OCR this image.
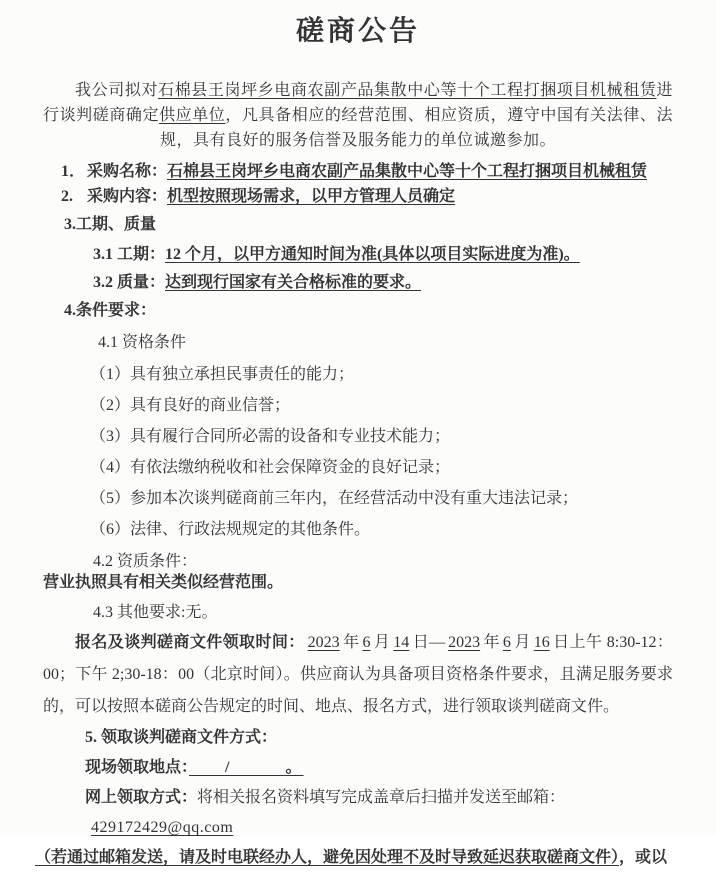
磋商公告
我公司拟对石棉县王岗坪乡电商农副产品集散中心等十个工程打捆项目机械租赁进行谈判磋商确定供应单位，凡具备相应的经营范围、相应资质，遵守中国有关法律、法规，具有良好的服务信誉及服务能力的单位诚邀参加。
1． 采购名称：石棉县王岗坪乡电商农副产品集散中心等十个工程打捆项目机械租赁
2. 采购内容：机型按照现场需求，以甲方管理人员确定
3.工期、质量
3.1 工期：12 个月，以甲方通知时间为准(具体以项目实际进度为准)。
3.2 质量：达到现行国家有关合格标准的要求。
4.条件要求：
4.1 资格条件
（1）具有独立承担民事责任的能力；
（2）具有良好的商业信誉；
（3）具有履行合同所必需的设备和专业技术能力；
（4）有依法缴纳税收和社会保障资金的良好记录；
（5）参加本次谈判磋商前三年内，在经营活动中没有重大违法记录；
（6）法律、行政法规规定的其他条件。
4.2 资质条件：
营业执照具有相关类似经营范围。
4.3 其他要求:无。
报名及谈判磋商文件领取时间： 2023 年 6 月 14 日— 2023 年 6 月 16 日上午 8:30-12：00；下午 2;30-18：00（北京时间）。供应商认为具备项目资格条件要求，且满足服务要求的，可以按照本磋商公告规定的时间、地点、报名方式，进行领取谈判磋商文件。
5. 领取谈判磋商文件方式：
现场领取地点：　　/　　　。
网上领取方式：将相关报名资料填写完成盖章后扫描并发送至邮箱：429172429@qq.com
（若通过邮箱发送，请及时电联经办人，避免因处理不及时导致延迟获取磋商文件），或以
